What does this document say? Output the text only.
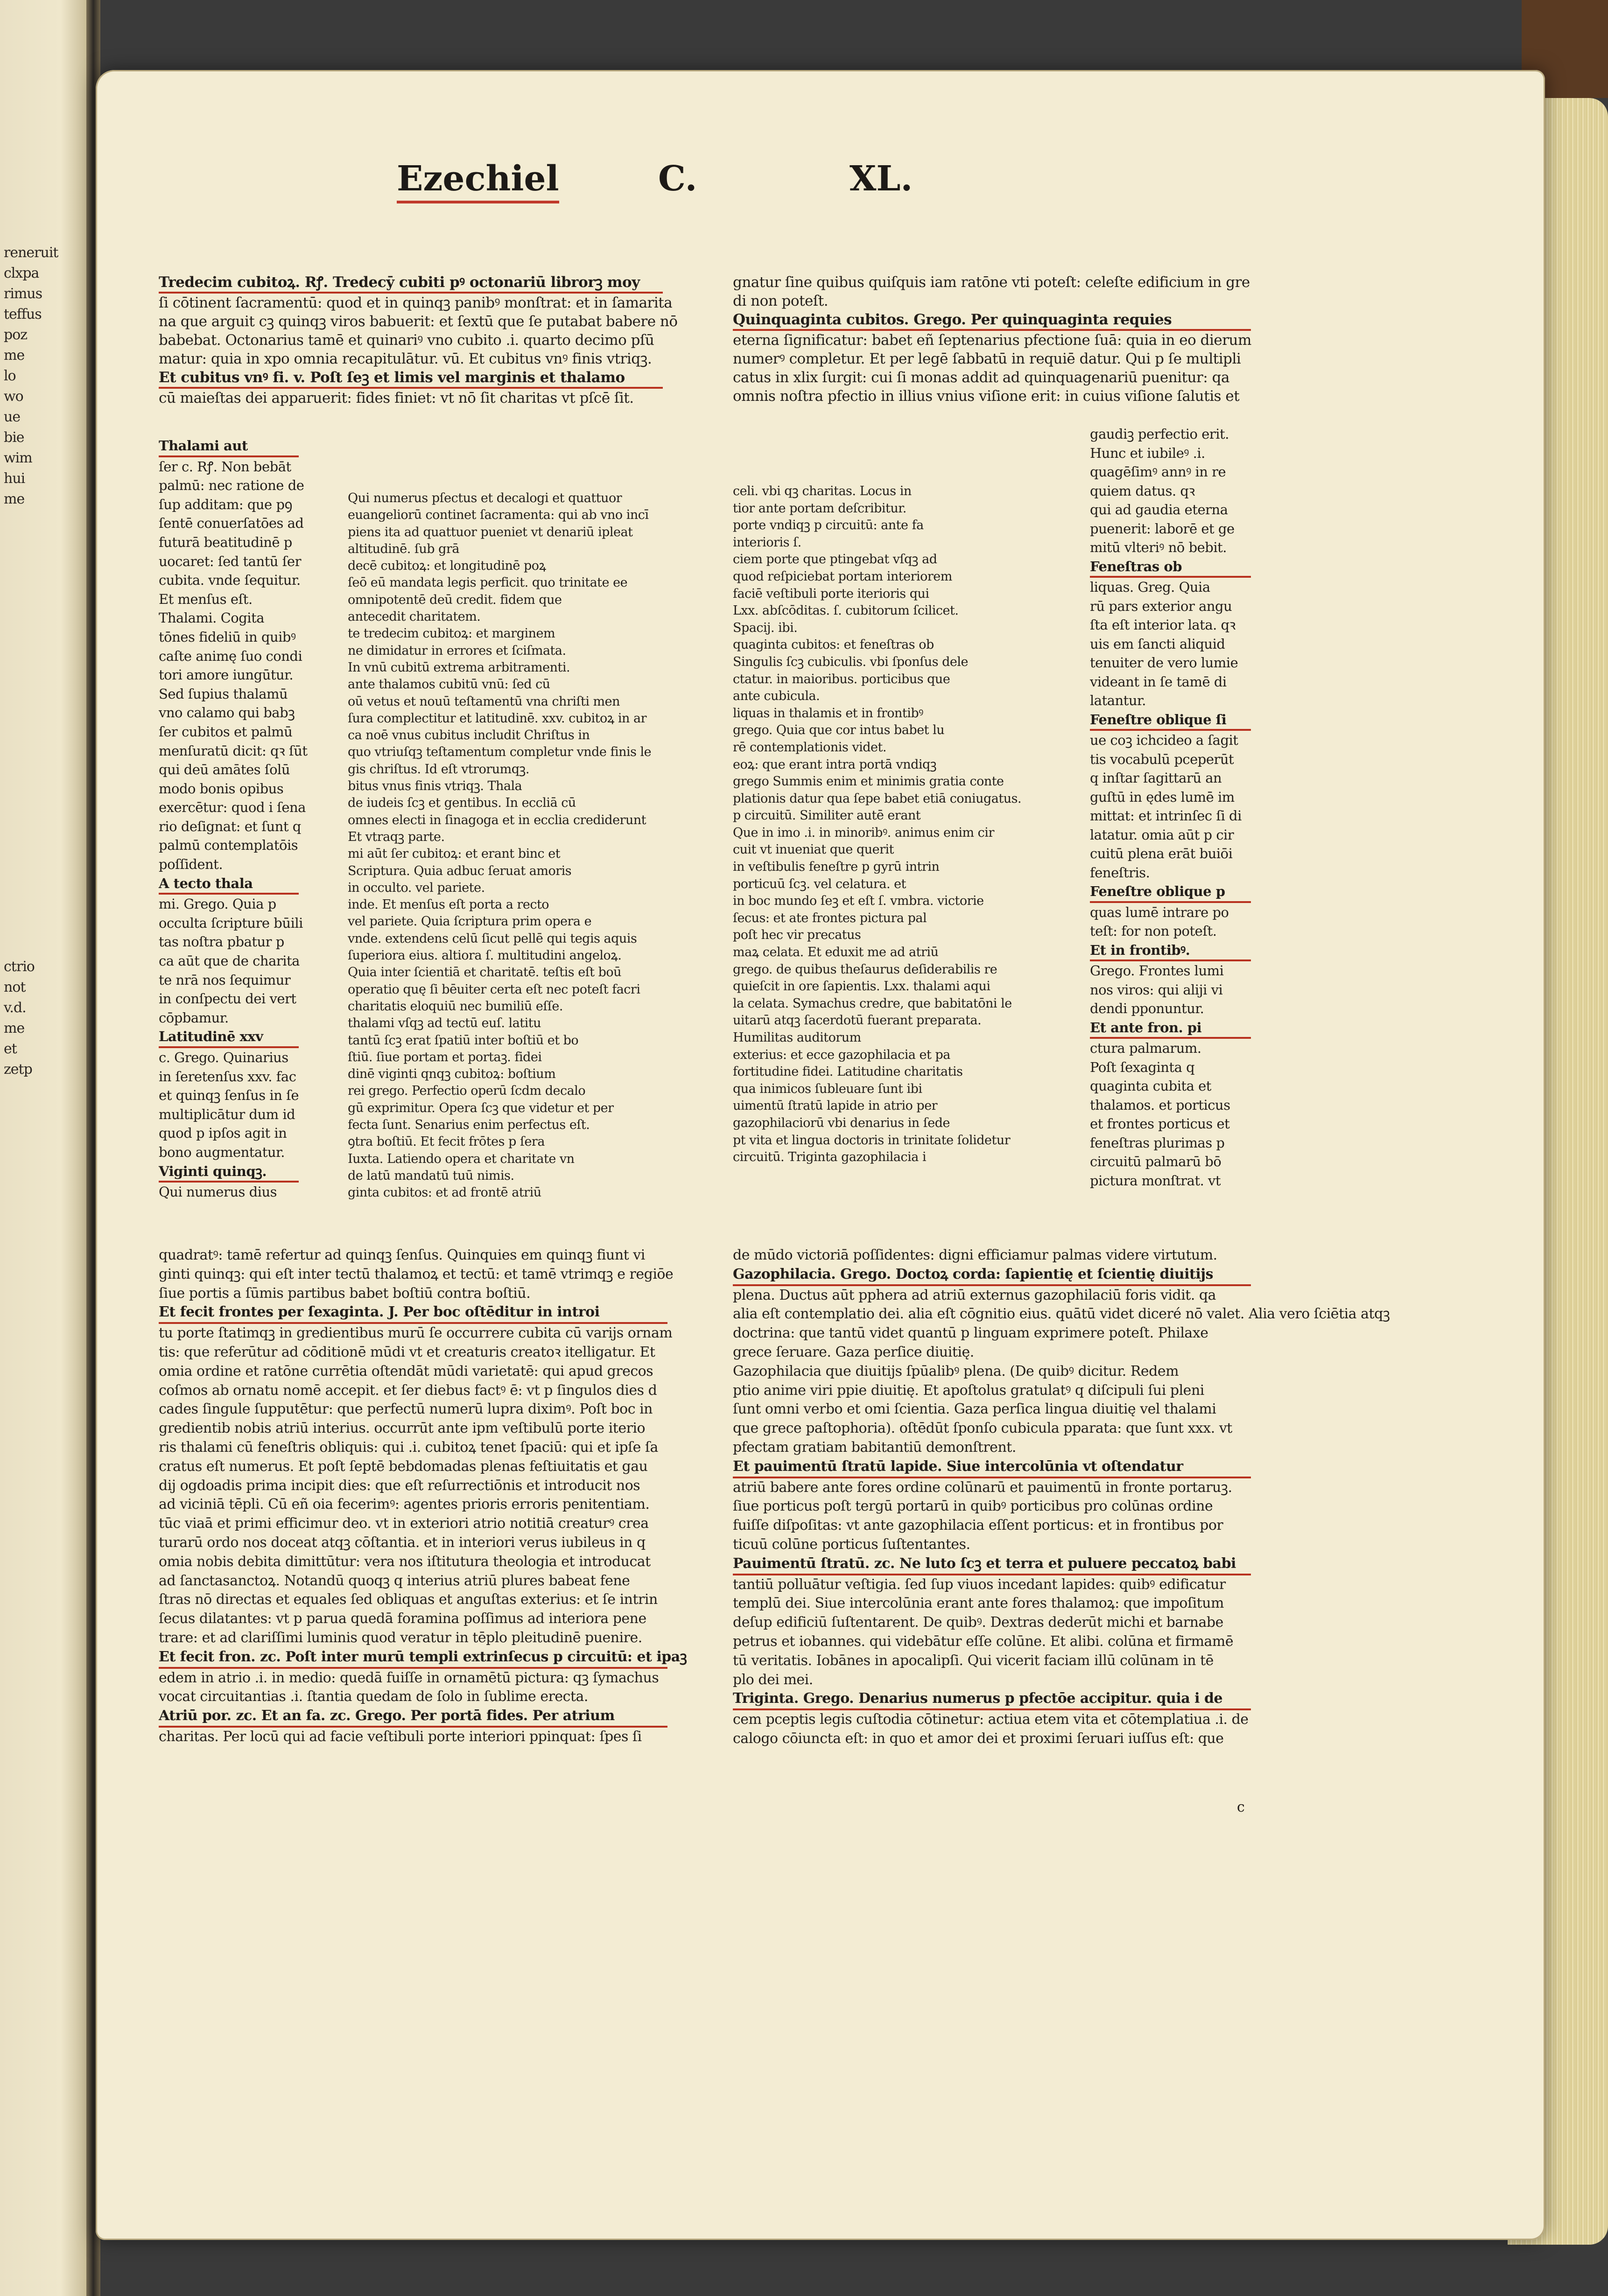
reneruit
clxpa
rimus
teffus
poz
me
lo
wo
ue
bie
wim
hui
me
ctrio
not
v.d.
me
et
zetp
Ezechiel	C.	XL.
Tredecim cubitoꝝ. Rꝭ. Tredecȳ cubiti pꝰ octonariū librorꝫ moy
ſi cōtinent ſacramentū: quod et in quinqꝫ panibꝰ monſtrat: et in ſamarita
na que arguit cꝫ quinqꝫ viros babuerit: et ſextū que ſe putabat babere nō
babebat. Octonarius tamē et quinariꝰ vno cubito .i. quarto decimo pſū
matur: quia in xpo omnia recapitulātur. vū. Et cubitus vnꝰ finis vtriqꝫ.
Et cubitus vnꝰ fi. v. Poſt ſeꝫ et limis vel marginis et thalamo
cū maieſtas dei apparuerit: fides finiet: vt nō ſit charitas vt pſcē ſit.
Thalami aut
ſer c. Rꝭ. Non bebāt
palmū: nec ratione de
ſup additam: que pꝯ
ſentē conuerſatōes ad
futurā beatitudinē p
uocaret: ſed tantū ſer
cubita. vnde ſequitur.
Et menſus eſt.
Thalami. Cogita
tōnes fideliū in quibꝰ
caſte animę ſuo condi
tori amore iungūtur.
Sed ſupius thalamū
vno calamo qui babꝫ
ſer cubitos et palmū
menſuratū dicit: qꝛ ſūt
qui deū amātes ſolū
modo bonis opibus
exercētur: quod i ſena
rio deſignat: et ſunt q
palmū contemplatōis
poſſident.
A tecto thala
mi. Grego. Quia p
occulta ſcripture būili
tas noſtra pbatur p
ca aūt que de charita
te nrā nos ſequimur
in conſpectu dei vert
cōpbamur.
Latitudinē xxv
c. Grego. Quinarius
in ſeretenſus xxv. fac
et quinqꝫ ſenſus in ſe
multiplicātur dum id
quod p ipſos agit in
bono augmentatur.
Viginti quinqꝫ.
Qui numerus dius
Qui numerus pſectus et decalogi et quattuor
euangeliorū continet ſacramenta: qui ab vno incī
piens ita ad quattuor pueniet vt denariū ipleat
altitudinē. ſub grā
decē cubitoꝝ: et longitudinē poꝝ
ſeō eū mandata legis perficit. quo trinitate ee
omnipotentē deū credit. fidem que
antecedit charitatem.
te tredecim cubitoꝝ: et marginem
ne dimidatur in errores et ſciſmata.
In vnū cubitū extrema arbitramenti.
ante thalamos cubitū vnū: ſed cū
oū vetus et nouū teſtamentū vna chriſti men
ſura complectitur et latitudinē. xxv. cubitoꝝ in ar
ca noē vnus cubitus includit Chriſtus in
quo vtriuſqꝫ teſtamentum completur vnde finis le
gis chriſtus. Id eſt vtrorumqꝫ.
bitus vnus finis vtriqꝫ. Thala
de iudeis ſcꝫ et gentibus. In eccliā cū
omnes electi in ſinagoga et in ecclia crediderunt
Et vtraqꝫ parte.
mi aūt ſer cubitoꝝ: et erant binc et
Scriptura. Quia adbuc ſeruat amoris
in occulto. vel pariete.
inde. Et menſus eſt porta a recto
vel pariete. Quia ſcriptura prim opera e
vnde. extendens celū ſicut pellē qui tegis aquis
ſuperiora eius. altiora ſ. multitudini angeloꝝ.
Quia inter ſcientiā et charitatē. teſtis eſt boū
operatio quę ſi bēuiter certa eſt nec poteſt facri
charitatis eloquiū nec bumiliū eſſe.
thalami vſqꝫ ad tectū euſ. latitu
tantū ſcꝫ erat ſpatiū inter boſtiū et bo
ſtiū. ſiue portam et portaꝫ. fidei
dinē viginti qnqꝫ cubitoꝝ: boſtium
rei grego. Perfectio operū ſcdm decalo
gū exprimitur. Opera ſcꝫ que videtur et per
fecta ſunt. Senarius enim perfectus eſt.
ꝯtra boſtiū. Et fecit frōtes p ſera
Iuxta. Latiendo opera et charitate vn
de latū mandatū tuū nimis.
ginta cubitos: et ad frontē atriū
gnatur ſine quibus quiſquis iam ratōne vti poteſt: celeſte edificium in gre
di non poteſt.
Quinquaginta cubitos. Grego. Per quinquaginta requies
eterna ſignificatur: babet eñ ſeptenarius pfectione ſuā: quia in eo dierum
numerꝰ completur. Et per legē ſabbatū in requiē datur. Qui p ſe multipli
catus in xlix ſurgit: cui ſi monas addit ad quinquagenariū puenitur: qa
omnis noſtra pfectio in illius vnius viſione erit: in cuius viſione ſalutis et
celi. vbi qꝫ charitas. Locus in
tior ante portam deſcribitur.
porte vndiqꝫ p circuitū: ante fa
interioris ſ.
ciem porte que ptingebat vſqꝫ ad
quod reſpiciebat portam interiorem
faciē veſtibuli porte iterioris qui
Lxx. abſcōditas. ſ. cubitorum ſcilicet.
Spacij. ibi.
quaginta cubitos: et feneſtras ob
Singulis ſcꝫ cubiculis. vbi ſponſus dele
ctatur. in maioribus. porticibus que
ante cubicula.
liquas in thalamis et in frontibꝰ
grego. Quia que cor intus babet lu
rē contemplationis videt.
eoꝝ: que erant intra portā vndiqꝫ
grego Summis enim et minimis gratia conte
plationis datur qua ſepe babet etiā coniugatus.
p circuitū. Similiter autē erant
Que in imo .i. in minoribꝰ. animus enim cir
cuit vt inueniat que querit
in veſtibulis feneſtre p gyrū intrin
porticuū ſcꝫ. vel celatura. et
in boc mundo ſeꝫ et eſt ſ. vmbra. victorie
ſecus: et ate frontes pictura pal
poſt hec vir precatus
maꝝ celata. Et eduxit me ad atriū
grego. de quibus theſaurus deſiderabilis re
quieſcit in ore ſapientis. Lxx. thalami aqui
la celata. Symachus credre, que babitatōni le
uitarū atqꝫ ſacerdotū fuerant preparata.
Humilitas auditorum
exterius: et ecce gazophilacia et pa
fortitudine fidei. Latitudine charitatis
qua inimicos ſubleuare ſunt ibi
uimentū ſtratū lapide in atrio per
gazophilaciorū vbi denarius in ſede
pt vita et lingua doctoris in trinitate ſolidetur
circuitū. Triginta gazophilacia i
gaudiꝫ perfectio erit.
Hunc et iubileꝰ .i.
quagēſimꝰ annꝰ in re
quiem datus. qꝛ
qui ad gaudia eterna
puenerit: laborē et ge
mitū vlteriꝰ nō bebit.
Feneſtras ob
liquas. Greg. Quia
rū pars exterior angu
ſta eſt interior lata. qꝛ
uis em ſancti aliquid
tenuiter de vero lumie
videant in ſe tamē di
latantur.
Feneſtre oblique ſi
ue coꝫ ichcideo a ſagit
tis vocabulū pceperūt
q inſtar ſagittarū an
guſtū in ędes lumē im
mittat: et intrinſec ſi di
latatur. omia aūt p cir
cuitū plena erāt buiōi
feneſtris.
Feneſtre oblique p
quas lumē intrare po
teſt: for non poteſt.
Et in frontibꝰ.
Grego. Frontes lumi
nos viros: qui aliji vi
dendi pponuntur.
Et ante fron. pi
ctura palmarum.
Poſt ſexaginta q
quaginta cubita et
thalamos. et porticus
et frontes porticus et
feneſtras plurimas p
circuitū palmarū bō
pictura monſtrat. vt
quadratꝰ: tamē refertur ad quinqꝫ ſenſus. Quinquies em quinqꝫ fiunt vi
ginti quinqꝫ: qui eſt inter tectū thalamoꝝ et tectū: et tamē vtrimqꝫ e regiōe
ſiue portis a ſūmis partibus babet boſtiū contra boſtiū.
Et fecit frontes per ſexaginta. J. Per boc oſtēditur in introi
tu porte ſtatimqꝫ in gredientibus murū ſe occurrere cubita cū varijs ornam
tis: que referūtur ad cōditionē mūdi vt et creaturis creatoꝛ itelligatur. Et
omia ordine et ratōne currētia oſtendāt mūdi varietatē: qui apud grecos
coſmos ab ornatu nomē accepit. et ſer diebus factꝰ ē: vt p ſingulos dies d
cades ſingule ſupputētur: que perfectū numerū lupra diximꝰ. Poſt boc in
gredientib nobis atriū interius. occurrūt ante ipm veſtibulū porte iterio
ris thalami cū feneſtris obliquis: qui .i. cubitoꝝ tenet ſpaciū: qui et ipſe ſa
cratus eſt numerus. Et poſt ſeptē bebdomadas plenas feſtiuitatis et gau
dij ogdoadis prima incipit dies: que eſt reſurrectiōnis et introducit nos
ad viciniā tēpli. Cū eñ oia fecerimꝰ: agentes prioris erroris penitentiam.
tūc viaā et primi efficimur deo. vt in exteriori atrio notitiā creaturꝰ crea
turarū ordo nos doceat atqꝫ cōſtantia. et in interiori verus iubileus in q
omia nobis debita dimittūtur: vera nos iſtitutura theologia et introducat
ad ſanctasanctoꝝ. Notandū quoqꝫ q interius atriū plures babeat fene
ſtras nō directas et equales ſed obliquas et anguſtas exterius: et ſe intrin
ſecus dilatantes: vt p parua quedā foramina poſſimus ad interiora pene
trare: et ad clariſſimi luminis quod veratur in tēplo pleitudinē puenire.
Et fecit fron. zc. Poſt inter murū templi extrinſecus p circuitū: et ipaꝫ
edem in atrio .i. in medio: quedā fuiſſe in ornamētū pictura: qꝫ ſymachus
vocat circuitantias .i. ſtantia quedam de ſolo in ſublime erecta.
Atriū por. zc. Et an fa. zc. Grego. Per portā fides. Per atrium
charitas. Per locū qui ad facie veſtibuli porte interiori ppinquat: ſpes ſi
de mūdo victoriā poſſidentes: digni efficiamur palmas videre virtutum.
Gazophilacia. Grego. Doctoꝝ corda: ſapientię et ſcientię diuitijs
plena. Ductus aūt pphera ad atriū externus gazophilaciū foris vidit. qa
alia eſt contemplatio dei. alia eſt cōgnitio eius. quātū videt diceré nō valet. Alia vero ſciētia atqꝫ
doctrina: que tantū videt quantū p linguam exprimere poteſt. Philaxe
grece ſeruare. Gaza perſice diuitię.
Gazophilacia que diuitijs ſpūalibꝰ plena. (De quibꝰ dicitur. Redem
ptio anime viri ppie diuitię. Et apoſtolus gratulatꝰ q diſcipuli ſui pleni
ſunt omni verbo et omi ſcientia. Gaza perſica lingua diuitię vel thalami
que grece paſtophoria). oſtēdūt ſponſo cubicula pparata: que ſunt xxx. vt
pfectam gratiam babitantiū demonſtrent.
Et pauimentū ſtratū lapide. Siue intercolūnia vt oſtendatur
atriū babere ante fores ordine colūnarū et pauimentū in fronte portaruꝫ.
ſiue porticus poſt tergū portarū in quibꝰ porticibus pro colūnas ordine
fuiſſe diſpoſitas: vt ante gazophilacia eſſent porticus: et in frontibus por
ticuū colūne porticus ſuſtentantes.
Pauimentū ſtratū. zc. Ne luto ſcꝫ et terra et puluere peccatoꝝ babi
tantiū polluātur veſtigia. ſed ſup viuos incedant lapides: quibꝰ edificatur
templū dei. Siue intercolūnia erant ante fores thalamoꝝ: que impoſitum
deſup edificiū ſuſtentarent. De quibꝰ. Dextras dederūt michi et barnabe
petrus et iobannes. qui videbātur eſſe colūne. Et alibi. colūna et firmamē
tū veritatis. Iobānes in apocalipſi. Qui vicerit faciam illū colūnam in tē
plo dei mei.
Triginta. Grego. Denarius numerus p pfectōe accipitur. quia i de
cem pceptis legis cuſtodia cōtinetur: actiua etem vita et cōtemplatiua .i. de
calogo cōiuncta eſt: in quo et amor dei et proximi ſeruari iuſſus eſt: que
c
